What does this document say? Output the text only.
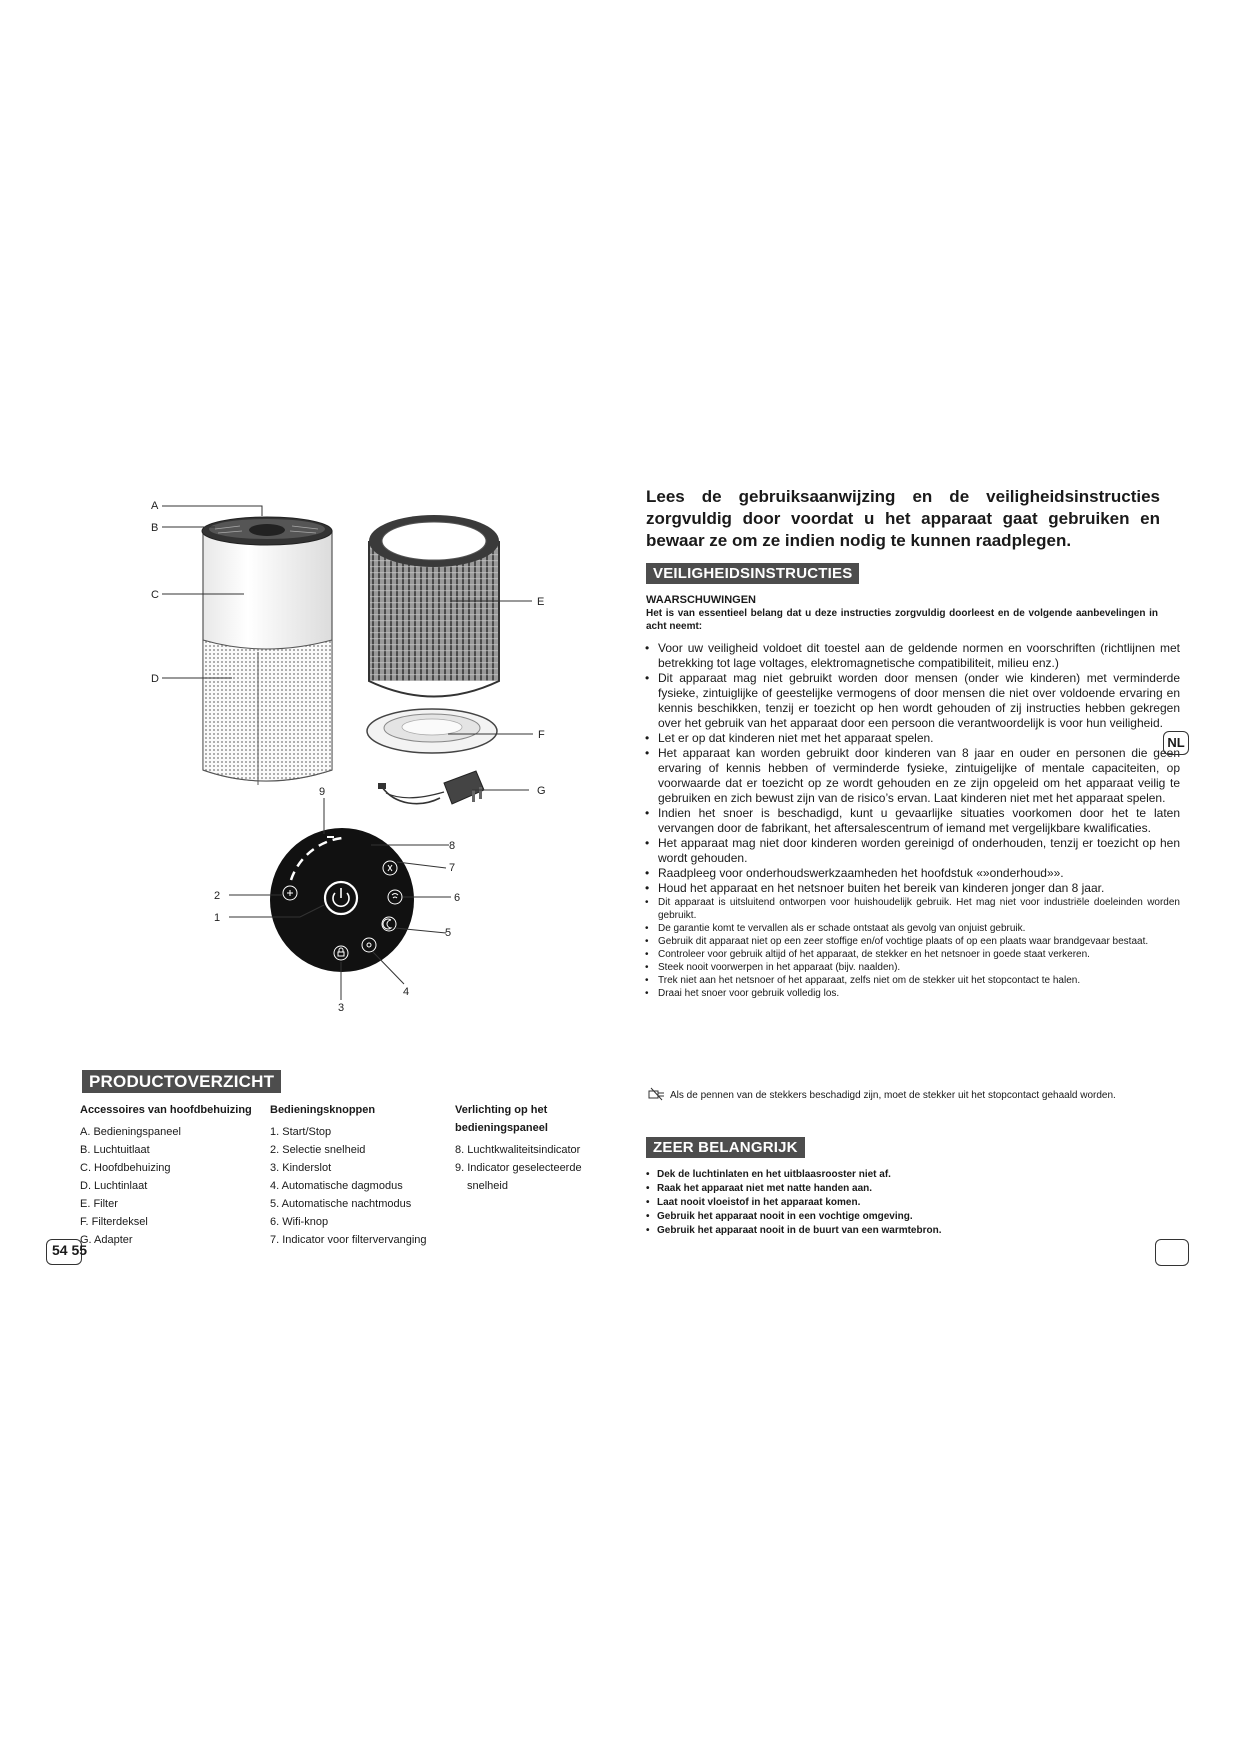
A
B
C
D
E
F
G
9
8
7
6
5
4
3
2
1
PRODUCTOVERZICHT
Accessoires van hoofdbehuizing
A. Bedieningspaneel
B. Luchtuitlaat
C. Hoofdbehuizing
D. Luchtinlaat
E. Filter
F. Filterdeksel
G. Adapter
Bedieningsknoppen
1. Start/Stop
2. Selectie snelheid
3. Kinderslot
4. Automatische dagmodus
5. Automatische nachtmodus
6. Wifi-knop
7. Indicator voor filtervervanging
Verlichting op het bedieningspaneel
8. Luchtkwaliteitsindicator
9. Indicator geselecteerde
snelheid
54 55
Lees de gebruiksaanwijzing en de veiligheidsinstructies zorgvuldig door voordat u het apparaat gaat gebruiken en bewaar ze om ze indien nodig te kunnen raadplegen.
VEILIGHEIDSINSTRUCTIES
WAARSCHUWINGEN
Het is van essentieel belang dat u deze instructies zorgvuldig doorleest en de volgende aanbevelingen in acht neemt:
• Voor uw veiligheid voldoet dit toestel aan de geldende normen en voorschriften (richtlijnen met betrekking tot lage voltages, elektromagnetische compatibiliteit, milieu enz.)
• Dit apparaat mag niet gebruikt worden door mensen (onder wie kinderen) met verminderde fysieke, zintuiglijke of geestelijke vermogens of door mensen die niet over voldoende ervaring en kennis beschikken, tenzij er toezicht op hen wordt gehouden of zij instructies hebben gekregen over het gebruik van het apparaat door een persoon die verantwoordelijk is voor hun veiligheid.
• Let er op dat kinderen niet met het apparaat spelen.
• Het apparaat kan worden gebruikt door kinderen van 8 jaar en ouder en personen die geen ervaring of kennis hebben of verminderde fysieke, zintuigelijke of mentale capaciteiten, op voorwaarde dat er toezicht op ze wordt gehouden en ze zijn opgeleid om het apparaat veilig te gebruiken en zich bewust zijn van de risico’s ervan. Laat kinderen niet met het apparaat spelen.
• Indien het snoer is beschadigd, kunt u gevaarlijke situaties voorkomen door het te laten vervangen door de fabrikant, het aftersalescentrum of iemand met vergelijkbare kwalificaties.
• Het apparaat mag niet door kinderen worden gereinigd of onderhouden, tenzij er toezicht op hen wordt gehouden.
• Raadpleeg voor onderhoudswerkzaamheden het hoofdstuk «»onderhoud»».
• Houd het apparaat en het netsnoer buiten het bereik van kinderen jonger dan 8 jaar.
• Dit apparaat is uitsluitend ontworpen voor huishoudelijk gebruik. Het mag niet voor industriële doeleinden worden gebruikt.
• De garantie komt te vervallen als er schade ontstaat als gevolg van onjuist gebruik.
• Gebruik dit apparaat niet op een zeer stoffige en/of vochtige plaats of op een plaats waar brandgevaar bestaat.
• Controleer voor gebruik altijd of het apparaat, de stekker en het netsnoer in goede staat verkeren.
• Steek nooit voorwerpen in het apparaat (bijv. naalden).
• Trek niet aan het netsnoer of het apparaat, zelfs niet om de stekker uit het stopcontact te halen.
• Draai het snoer voor gebruik volledig los.
Als de pennen van de stekkers beschadigd zijn, moet de stekker uit het stopcontact gehaald worden.
ZEER BELANGRIJK
• Dek de luchtinlaten en het uitblaasrooster niet af.
• Raak het apparaat niet met natte handen aan.
• Laat nooit vloeistof in het apparaat komen.
• Gebruik het apparaat nooit in een vochtige omgeving.
• Gebruik het apparaat nooit in de buurt van een warmtebron.
NL
